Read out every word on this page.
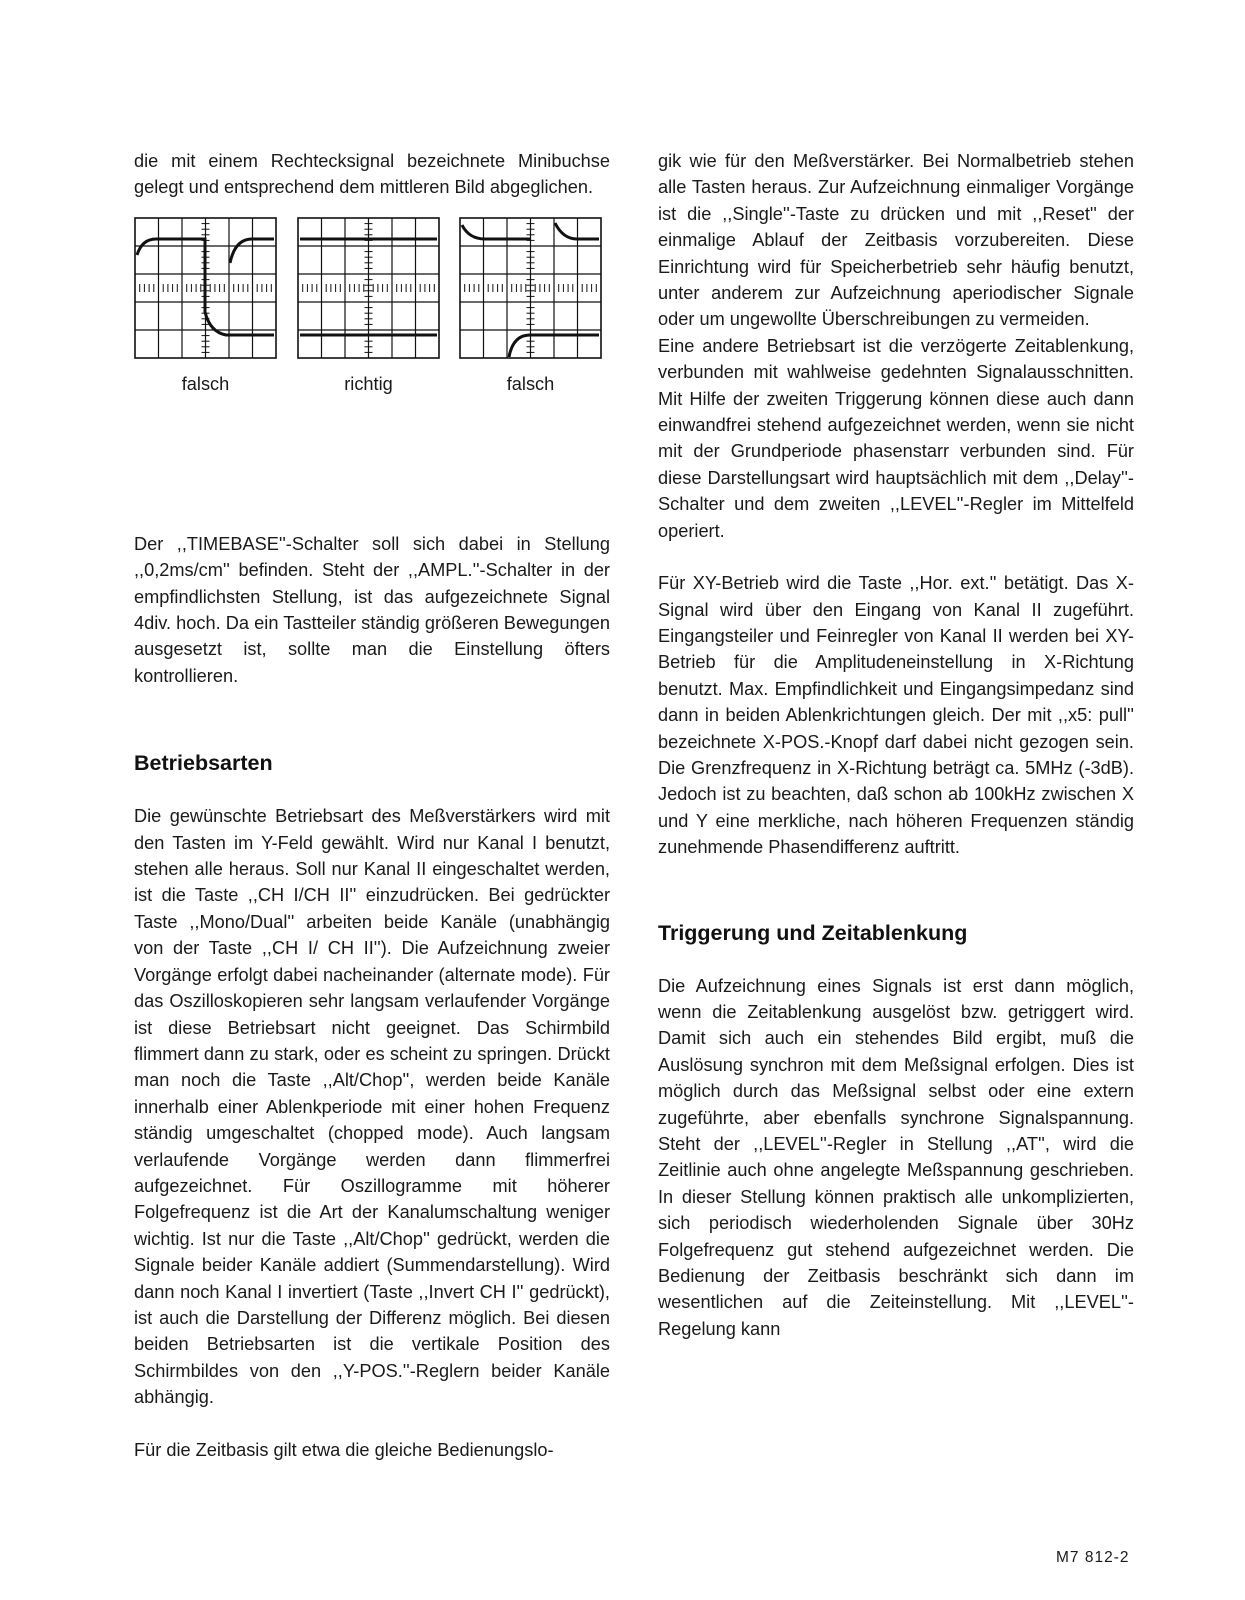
die mit einem Rechtecksignal bezeichnete Minibuchse gelegt und entsprechend dem mittleren Bild abgeglichen.

falsch	richtig	falsch

Der ,,TIMEBASE''-Schalter soll sich dabei in Stellung ,,0,2ms/cm'' befinden. Steht der ,,AMPL.''-Schalter in der empfindlichsten Stellung, ist das aufgezeichnete Signal 4div. hoch. Da ein Tastteiler ständig größeren Bewegungen ausgesetzt ist, sollte man die Einstellung öfters kontrollieren.

Betriebsarten

Die gewünschte Betriebsart des Meßverstärkers wird mit den Tasten im Y-Feld gewählt. Wird nur Kanal I benutzt, stehen alle heraus. Soll nur Kanal II eingeschaltet werden, ist die Taste ,,CH I/CH II'' einzudrücken. Bei gedrückter Taste ,,Mono/Dual'' arbeiten beide Kanäle (unabhängig von der Taste ,,CH I/ CH II''). Die Aufzeichnung zweier Vorgänge erfolgt dabei nacheinander (alternate mode). Für das Oszilloskopieren sehr langsam verlaufender Vorgänge ist diese Betriebsart nicht geeignet. Das Schirmbild flimmert dann zu stark, oder es scheint zu springen. Drückt man noch die Taste ,,Alt/Chop'', werden beide Kanäle innerhalb einer Ablenkperiode mit einer hohen Frequenz ständig umgeschaltet (chopped mode). Auch langsam verlaufende Vorgänge werden dann flimmerfrei aufgezeichnet. Für Oszillogramme mit höherer Folgefrequenz ist die Art der Kanalumschaltung weniger wichtig. Ist nur die Taste ,,Alt/Chop'' gedrückt, werden die Signale beider Kanäle addiert (Summendarstellung). Wird dann noch Kanal I invertiert (Taste ,,Invert CH I'' gedrückt), ist auch die Darstellung der Differenz möglich. Bei diesen beiden Betriebsarten ist die vertikale Position des Schirmbildes von den ,,Y-POS.''-Reglern beider Kanäle abhängig.

Für die Zeitbasis gilt etwa die gleiche Bedienungslo-

gik wie für den Meßverstärker. Bei Normalbetrieb stehen alle Tasten heraus. Zur Aufzeichnung einmaliger Vorgänge ist die ,,Single''-Taste zu drücken und mit ,,Reset'' der einmalige Ablauf der Zeitbasis vorzubereiten. Diese Einrichtung wird für Speicherbetrieb sehr häufig benutzt, unter anderem zur Aufzeichnung aperiodischer Signale oder um ungewollte Überschreibungen zu vermeiden.

Eine andere Betriebsart ist die verzögerte Zeitablenkung, verbunden mit wahlweise gedehnten Signalausschnitten. Mit Hilfe der zweiten Triggerung können diese auch dann einwandfrei stehend aufgezeichnet werden, wenn sie nicht mit der Grundperiode phasenstarr verbunden sind. Für diese Darstellungsart wird hauptsächlich mit dem ,,Delay''-Schalter und dem zweiten ,,LEVEL''-Regler im Mittelfeld operiert.

Für XY-Betrieb wird die Taste ,,Hor. ext.'' betätigt. Das X-Signal wird über den Eingang von Kanal II zugeführt. Eingangsteiler und Feinregler von Kanal II werden bei XY-Betrieb für die Amplitudeneinstellung in X-Richtung benutzt. Max. Empfindlichkeit und Eingangsimpedanz sind dann in beiden Ablenkrichtungen gleich. Der mit ,,x5: pull'' bezeichnete X-POS.-Knopf darf dabei nicht gezogen sein. Die Grenzfrequenz in X-Richtung beträgt ca. 5MHz (-3dB). Jedoch ist zu beachten, daß schon ab 100kHz zwischen X und Y eine merkliche, nach höheren Frequenzen ständig zunehmende Phasendifferenz auftritt.

Triggerung und Zeitablenkung

Die Aufzeichnung eines Signals ist erst dann möglich, wenn die Zeitablenkung ausgelöst bzw. getriggert wird. Damit sich auch ein stehendes Bild ergibt, muß die Auslösung synchron mit dem Meßsignal erfolgen. Dies ist möglich durch das Meßsignal selbst oder eine extern zugeführte, aber ebenfalls synchrone Signalspannung. Steht der ,,LEVEL''-Regler in Stellung ,,AT'', wird die Zeitlinie auch ohne angelegte Meßspannung geschrieben. In dieser Stellung können praktisch alle unkomplizierten, sich periodisch wiederholenden Signale über 30Hz Folgefrequenz gut stehend aufgezeichnet werden. Die Bedienung der Zeitbasis beschränkt sich dann im wesentlichen auf die Zeiteinstellung. Mit ,,LEVEL''-Regelung kann

M7 812-2
